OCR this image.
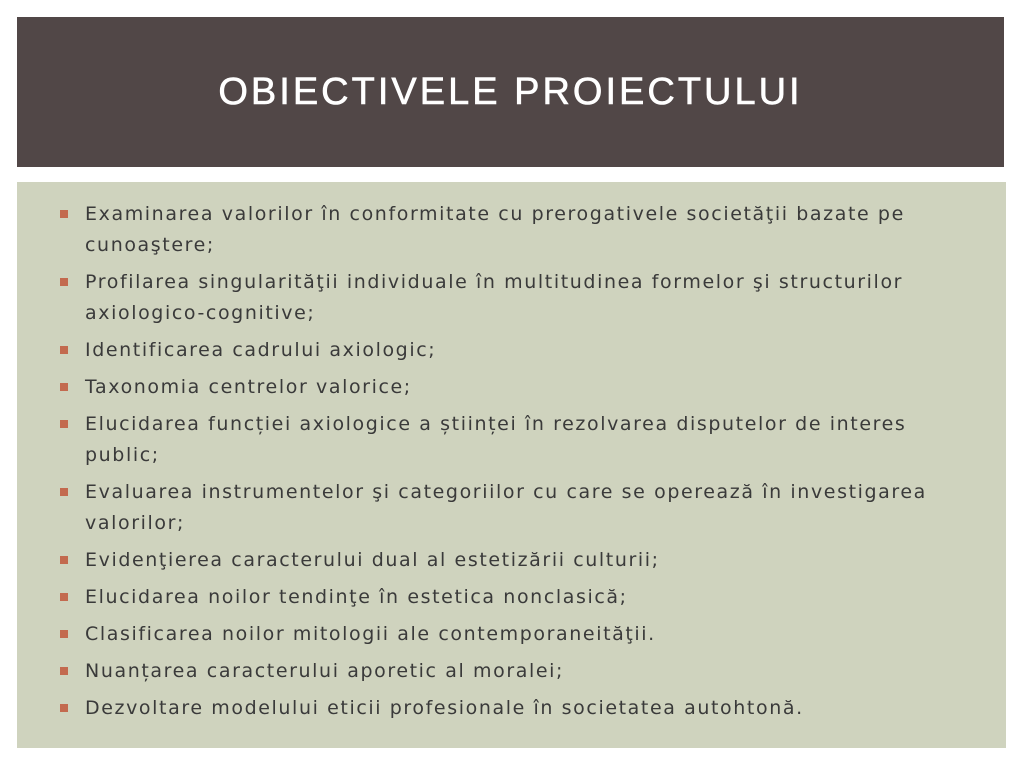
OBIECTIVELE PROIECTULUI
Examinarea valorilor în conformitate cu prerogativele societăţii bazate pe cunoaştere;
Profilarea singularităţii individuale în multitudinea formelor şi structurilor axiologico-cognitive;
Identificarea cadrului axiologic;
Taxonomia centrelor valorice;
Elucidarea funcției axiologice a științei în rezolvarea disputelor de interes public;
Evaluarea instrumentelor şi categoriilor cu care se operează în investigarea valorilor;
Evidenţierea caracterului dual al estetizării culturii;
Elucidarea noilor tendinţe în estetica nonclasică;
Clasificarea noilor mitologii ale contemporaneităţii.
Nuanțarea caracterului aporetic al moralei;
Dezvoltare modelului eticii profesionale în societatea autohtonă.
